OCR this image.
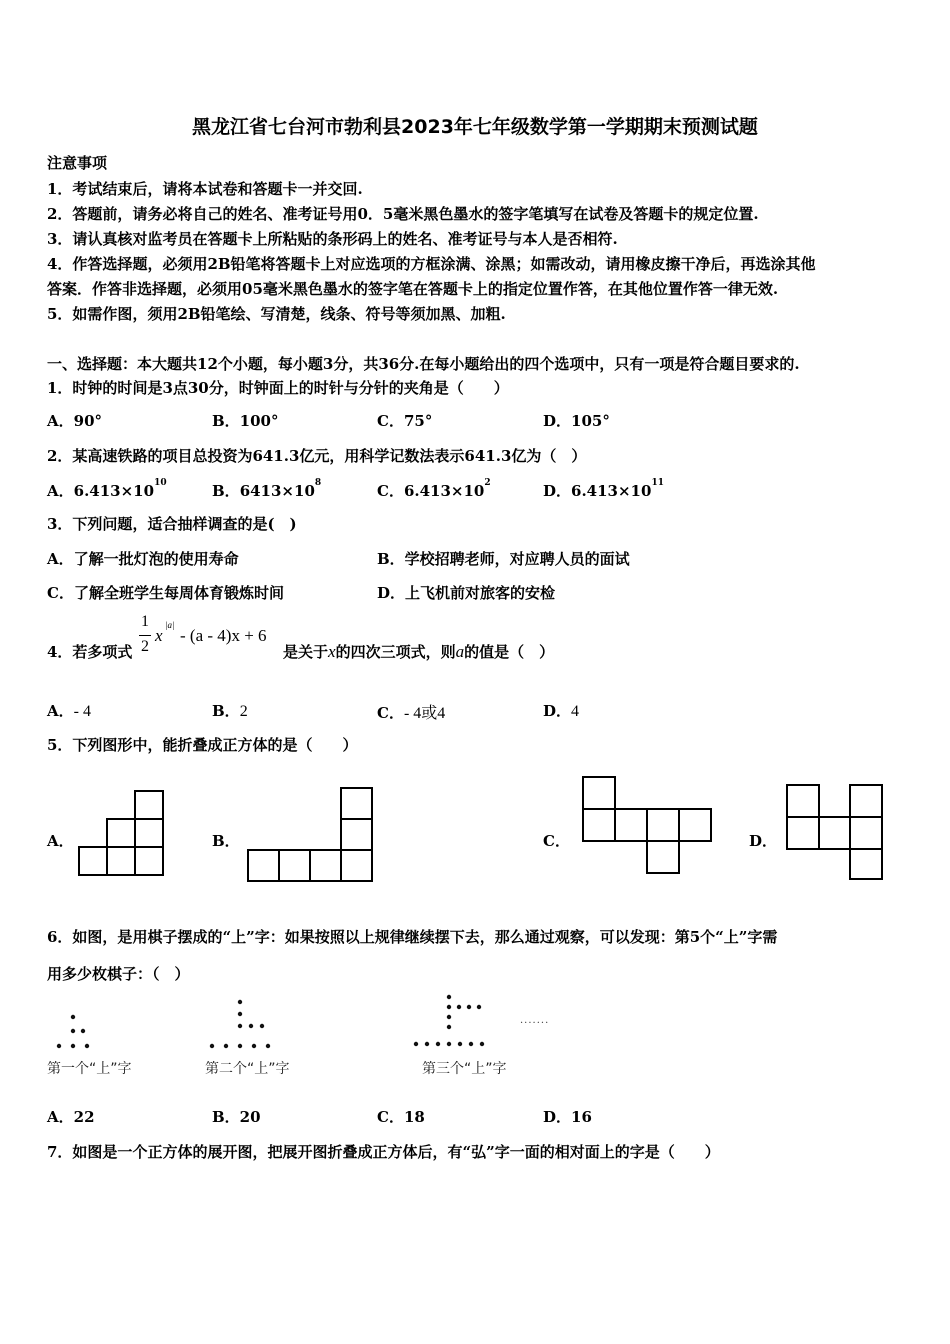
黑龙江省七台河市勃利县2023年七年级数学第一学期期末预测试题
注意事项
1．考试结束后，请将本试卷和答题卡一并交回.
2．答题前，请务必将自己的姓名、准考证号用0．5毫米黑色墨水的签字笔填写在试卷及答题卡的规定位置.
3．请认真核对监考员在答题卡上所粘贴的条形码上的姓名、准考证号与本人是否相符.
4．作答选择题，必须用2B铅笔将答题卡上对应选项的方框涂满、涂黑；如需改动，请用橡皮擦干净后，再选涂其他
答案．作答非选择题，必须用05毫米黑色墨水的签字笔在答题卡上的指定位置作答，在其他位置作答一律无效.
5．如需作图，须用2B铅笔绘、写清楚，线条、符号等须加黑、加粗.
一、选择题：本大题共12个小题，每小题3分，共36分.在每小题给出的四个选项中，只有一项是符合题目要求的.
1．时钟的时间是3点30分，时钟面上的时针与分针的夹角是（　　）
A．90°	B．100°	C．75°	D．105°
2．某高速铁路的项目总投资为641.3亿元，用科学记数法表示641.3亿为（　）
A．$6.413\times 10^{10}$	B．$6413\times 10^8$	C．$6.413\times 10^2$	D．$6.413\times 10^{11}$
3．下列问题，适合抽样调查的是(　)
A．了解一批灯泡的使用寿命	B．学校招聘老师，对应聘人员的面试
C．了解全班学生每周体育锻炼时间	D．上飞机前对旅客的安检
4．若多项式
1
2
x
|a|
- (a - 4)x + 6
是关于x的四次三项式，则a的值是（　）
A．- 4	B．2	C．- 4或4	D．4
5．下列图形中，能折叠成正方体的是（　　）
A．	B．	C．	D．
6．如图，是用棋子摆成的“上”字：如果按照以上规律继续摆下去，那么通过观察，可以发现：第5个“上”字需
用多少枚棋子：（　）
第一个“上”字	第二个“上”字	第三个“上”字
·······
A．22	B．20	C．18	D．16
7．如图是一个正方体的展开图，把展开图折叠成正方体后，有“弘”字一面的相对面上的字是（　　）
